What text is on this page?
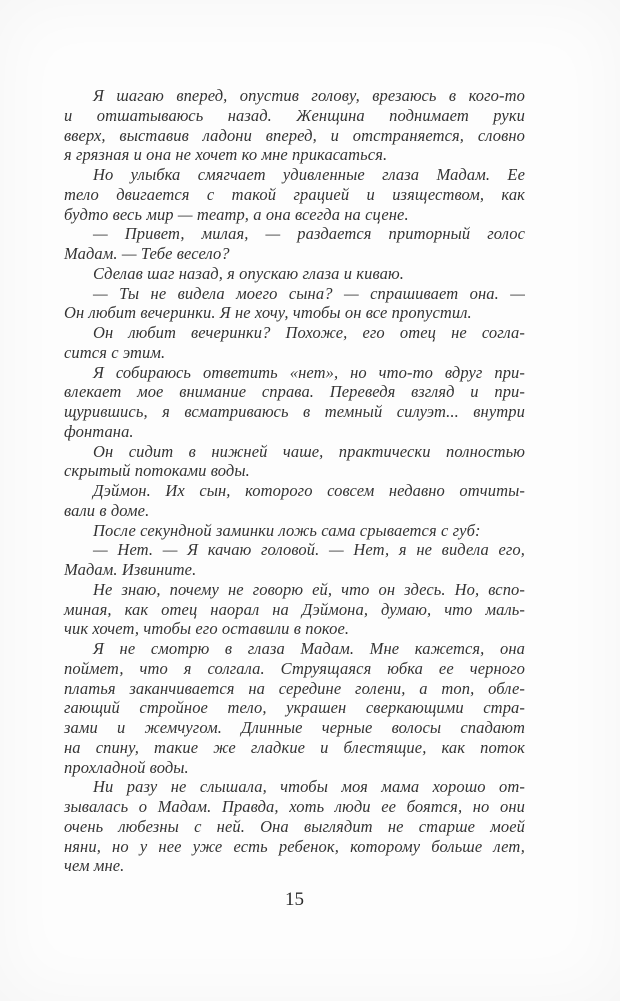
Я шагаю вперед, опустив голову, врезаюсь в кого-то
и отшатываюсь назад. Женщина поднимает руки
вверх, выставив ладони вперед, и отстраняется, словно
я грязная и она не хочет ко мне прикасаться.

Но улыбка смягчает удивленные глаза Мадам. Ее
тело двигается с такой грацией и изяществом, как
будто весь мир — театр, а она всегда на сцене.

— Привет, милая, — раздается приторный голос
Мадам. — Тебе весело?

Сделав шаг назад, я опускаю глаза и киваю.

— Ты не видела моего сына? — спрашивает она. —
Он любит вечеринки. Я не хочу, чтобы он все пропустил.

Он любит вечеринки? Похоже, его отец не согла-
сится с этим.

Я собираюсь ответить «нет», но что-то вдруг при-
влекает мое внимание справа. Переведя взгляд и при-
щурившись, я всматриваюсь в темный силуэт... внутри
фонтана.

Он сидит в нижней чаше, практически полностью
скрытый потоками воды.

Дэймон. Их сын, которого совсем недавно отчиты-
вали в доме.

После секундной заминки ложь сама срывается с губ:

— Нет. — Я качаю головой. — Нет, я не видела его,
Мадам. Извините.

Не знаю, почему не говорю ей, что он здесь. Но, вспо-
миная, как отец наорал на Дэймона, думаю, что маль-
чик хочет, чтобы его оставили в покое.

Я не смотрю в глаза Мадам. Мне кажется, она
поймет, что я солгала. Струящаяся юбка ее черного
платья заканчивается на середине голени, а топ, обле-
гающий стройное тело, украшен сверкающими стра-
зами и жемчугом. Длинные черные волосы спадают
на спину, такие же гладкие и блестящие, как поток
прохладной воды.

Ни разу не слышала, чтобы моя мама хорошо от-
зывалась о Мадам. Правда, хоть люди ее боятся, но они
очень любезны с ней. Она выглядит не старше моей
няни, но у нее уже есть ребенок, которому больше лет,
чем мне.

15
